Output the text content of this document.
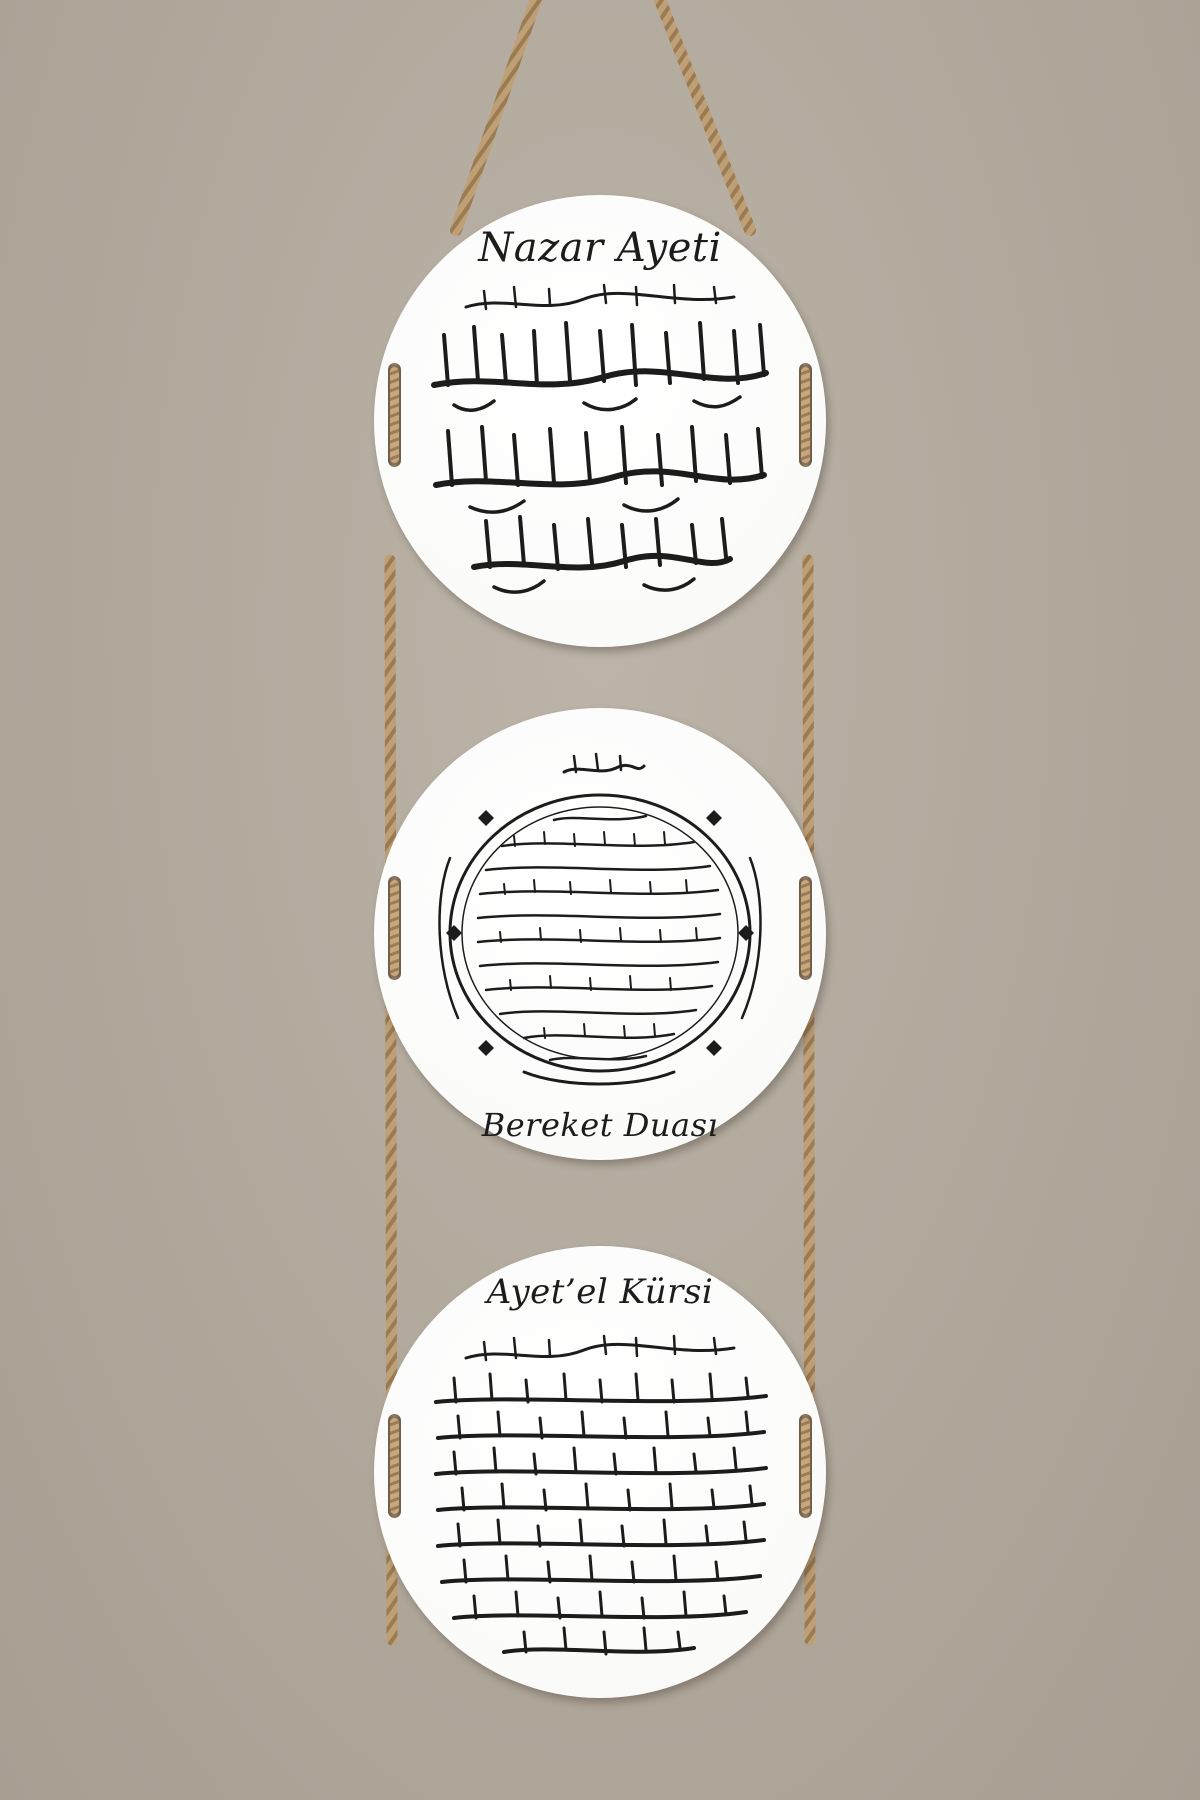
Nazar Ayeti
Bereket Duası
Ayet’el Kürsi
